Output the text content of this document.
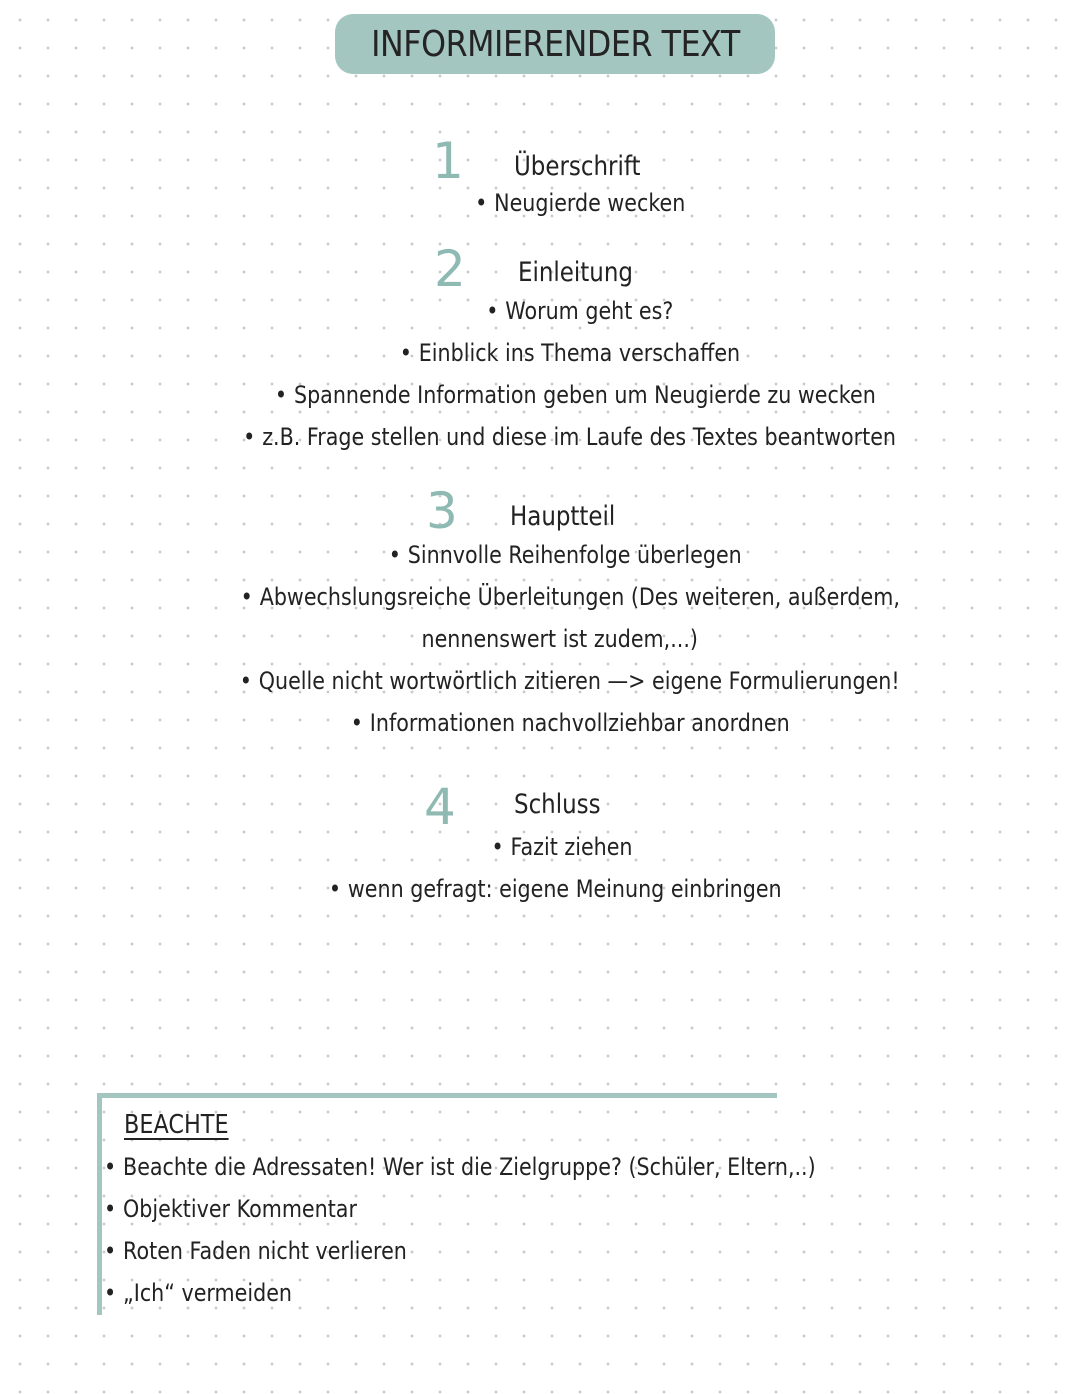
INFORMIERENDER TEXT
1 Überschrift
• Neugierde wecken
2 Einleitung
• Worum geht es?
• Einblick ins Thema verschaffen
• Spannende Information geben um Neugierde zu wecken
• z.B. Frage stellen und diese im Laufe des Textes beantworten
3 Hauptteil
• Sinnvolle Reihenfolge überlegen
• Abwechslungsreiche Überleitungen (Des weiteren, außerdem,
nennenswert ist zudem,...)
• Quelle nicht wortwörtlich zitieren —> eigene Formulierungen!
• Informationen nachvollziehbar anordnen
4 Schluss
• Fazit ziehen
• wenn gefragt: eigene Meinung einbringen
BEACHTE
• Beachte die Adressaten! Wer ist die Zielgruppe? (Schüler, Eltern,..)
• Objektiver Kommentar
• Roten Faden nicht verlieren
• „Ich“ vermeiden
